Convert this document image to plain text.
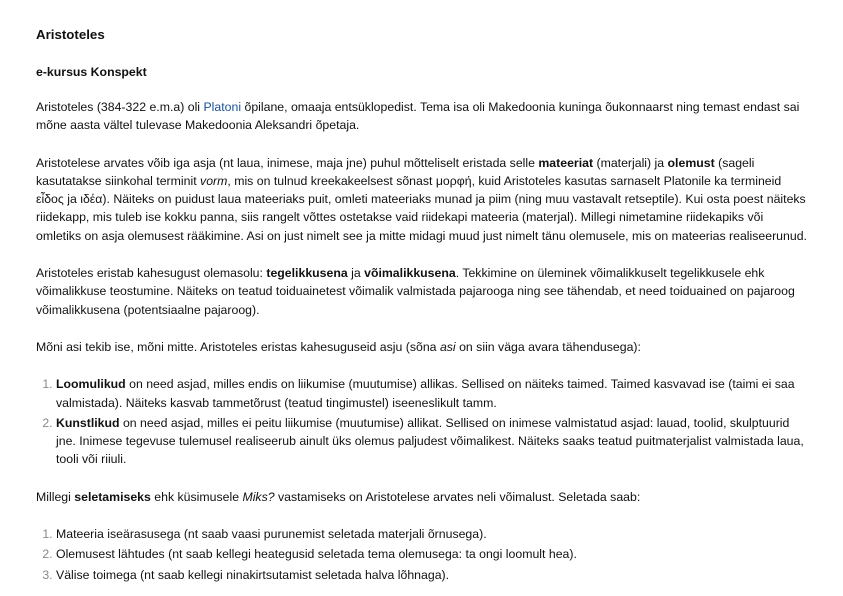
Aristoteles
e-kursus Konspekt

Aristoteles (384-322 e.m.a) oli Platoni õpilane, omaaja entsüklopedist. Tema isa oli Makedoonia kuninga õukonnaarst ning temast endast sai mõne aasta vältel tulevase Makedoonia Aleksandri õpetaja.

Aristotelese arvates võib iga asja (nt laua, inimese, maja jne) puhul mõtteliselt eristada selle mateeriat (materjali) ja olemust (sageli kasutatakse siinkohal terminit vorm, mis on tulnud kreekakeelsest sõnast μορφή, kuid Aristoteles kasutas sarnaselt Platonile ka termineid εἶδος ja ιδέα). Näiteks on puidust laua mateeriaks puit, omleti mateeriaks munad ja piim (ning muu vastavalt retseptile). Kui osta poest näiteks riidekapp, mis tuleb ise kokku panna, siis rangelt võttes ostetakse vaid riidekapi mateeria (materjal). Millegi nimetamine riidekapiks või omletiks on asja olemusest rääkimine. Asi on just nimelt see ja mitte midagi muud just nimelt tänu olemusele, mis on mateerias realiseerunud.

Aristoteles eristab kahesugust olemasolu: tegelikkusena ja võimalikkusena. Tekkimine on üleminek võimalikkuselt tegelikkusele ehk võimalikkuse teostumine. Näiteks on teatud toiduainetest võimalik valmistada pajarooga ning see tähendab, et need toiduained on pajaroog võimalikkusena (potentsiaalne pajaroog).

Mõni asi tekib ise, mõni mitte. Aristoteles eristas kahesuguseid asju (sõna asi on siin väga avara tähendusega):

1. Loomulikud on need asjad, milles endis on liikumise (muutumise) allikas. Sellised on näiteks taimed. Taimed kasvavad ise (taimi ei saa valmistada). Näiteks kasvab tammetõrust (teatud tingimustel) iseeneslikult tamm.
2. Kunstlikud on need asjad, milles ei peitu liikumise (muutumise) allikat. Sellised on inimese valmistatud asjad: lauad, toolid, skulptuurid jne. Inimese tegevuse tulemusel realiseerub ainult üks olemus paljudest võimalikest. Näiteks saaks teatud puitmaterjalist valmistada laua, tooli või riiuli.

Millegi seletamiseks ehk küsimusele Miks? vastamiseks on Aristotelese arvates neli võimalust. Seletada saab:

1. Mateeria iseärasusega (nt saab vaasi purunemist seletada materjali õrnusega).
2. Olemusest lähtudes (nt saab kellegi heategusid seletada tema olemusega: ta ongi loomult hea).
3. Välise toimega (nt saab kellegi ninakirtsutamist seletada halva lõhnaga).
